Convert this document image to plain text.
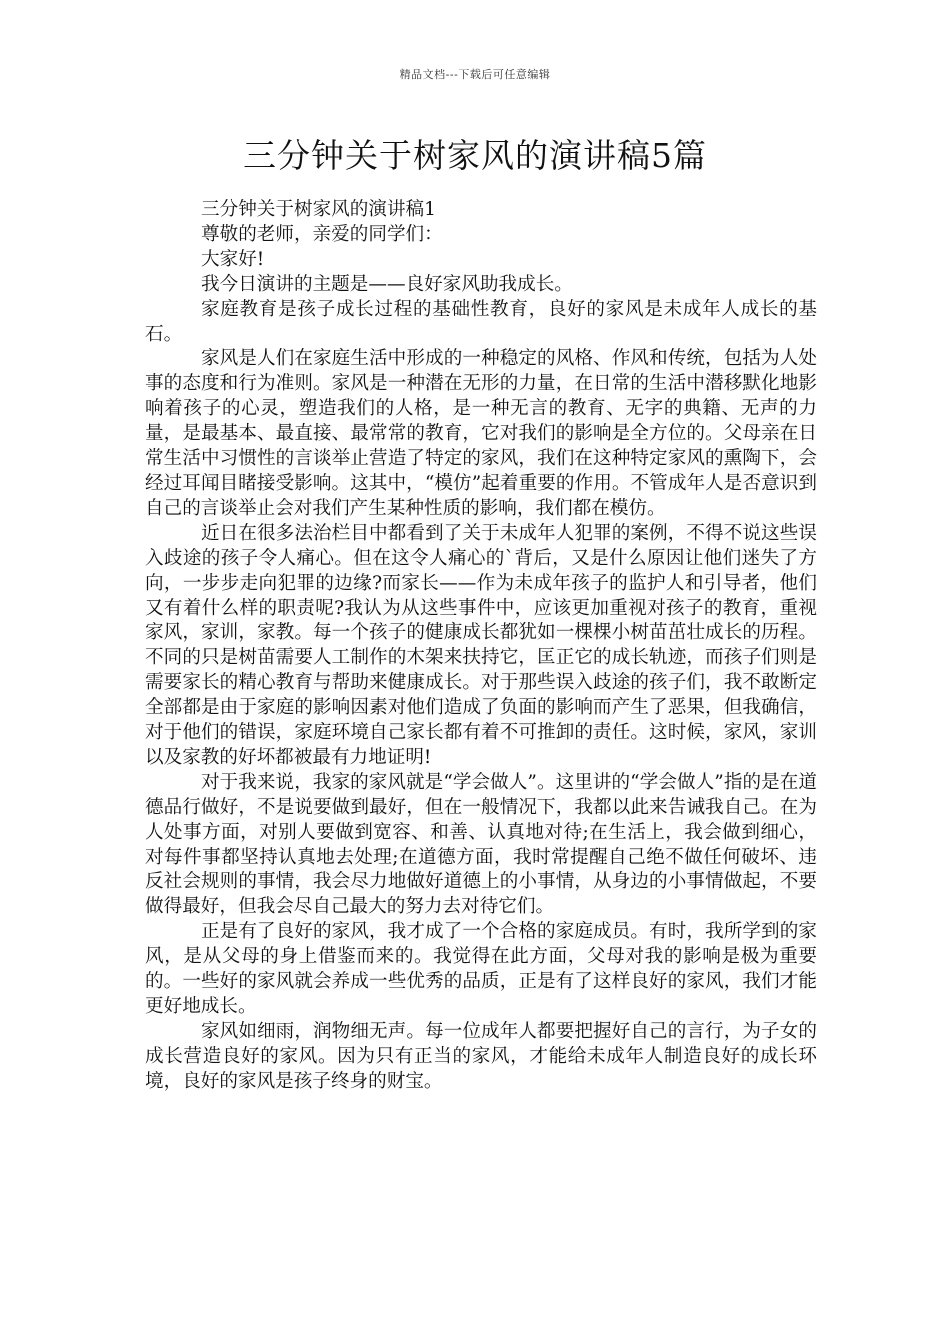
精品文档---下载后可任意编辑
三分钟关于树家风的演讲稿5篇

三分钟关于树家风的演讲稿1

尊敬的老师，亲爱的同学们：

大家好!

我今日演讲的主题是——良好家风助我成长。

家庭教育是孩子成长过程的基础性教育，良好的家风是未成年人成长的基石。

家风是人们在家庭生活中形成的一种稳定的风格、作风和传统，包括为人处事的态度和行为准则。家风是一种潜在无形的力量，在日常的生活中潜移默化地影响着孩子的心灵，塑造我们的人格，是一种无言的教育、无字的典籍、无声的力量，是最基本、最直接、最常常的教育，它对我们的影响是全方位的。父母亲在日常生活中习惯性的言谈举止营造了特定的家风，我们在这种特定家风的熏陶下，会经过耳闻目睹接受影响。这其中，“模仿”起着重要的作用。不管成年人是否意识到自己的言谈举止会对我们产生某种性质的影响，我们都在模仿。

近日在很多法治栏目中都看到了关于未成年人犯罪的案例，不得不说这些误入歧途的孩子令人痛心。但在这令人痛心的`背后，又是什么原因让他们迷失了方向，一步步走向犯罪的边缘?而家长——作为未成年孩子的监护人和引导者，他们又有着什么样的职责呢?我认为从这些事件中，应该更加重视对孩子的教育，重视家风，家训，家教。每一个孩子的健康成长都犹如一棵棵小树苗茁壮成长的历程。不同的只是树苗需要人工制作的木架来扶持它，匡正它的成长轨迹，而孩子们则是需要家长的精心教育与帮助来健康成长。对于那些误入歧途的孩子们，我不敢断定全部都是由于家庭的影响因素对他们造成了负面的影响而产生了恶果，但我确信，对于他们的错误，家庭环境自己家长都有着不可推卸的责任。这时候，家风，家训以及家教的好坏都被最有力地证明!

对于我来说，我家的家风就是“学会做人”。这里讲的“学会做人”指的是在道德品行做好，不是说要做到最好，但在一般情况下，我都以此来告诫我自己。在为人处事方面，对别人要做到宽容、和善、认真地对待;在生活上，我会做到细心，对每件事都坚持认真地去处理;在道德方面，我时常提醒自己绝不做任何破坏、违反社会规则的事情，我会尽力地做好道德上的小事情，从身边的小事情做起，不要做得最好，但我会尽自己最大的努力去对待它们。

正是有了良好的家风，我才成了一个合格的家庭成员。有时，我所学到的家风，是从父母的身上借鉴而来的。我觉得在此方面，父母对我的影响是极为重要的。一些好的家风就会养成一些优秀的品质，正是有了这样良好的家风，我们才能更好地成长。

家风如细雨，润物细无声。每一位成年人都要把握好自己的言行，为子女的成长营造良好的家风。因为只有正当的家风，才能给未成年人制造良好的成长环境，良好的家风是孩子终身的财宝。
